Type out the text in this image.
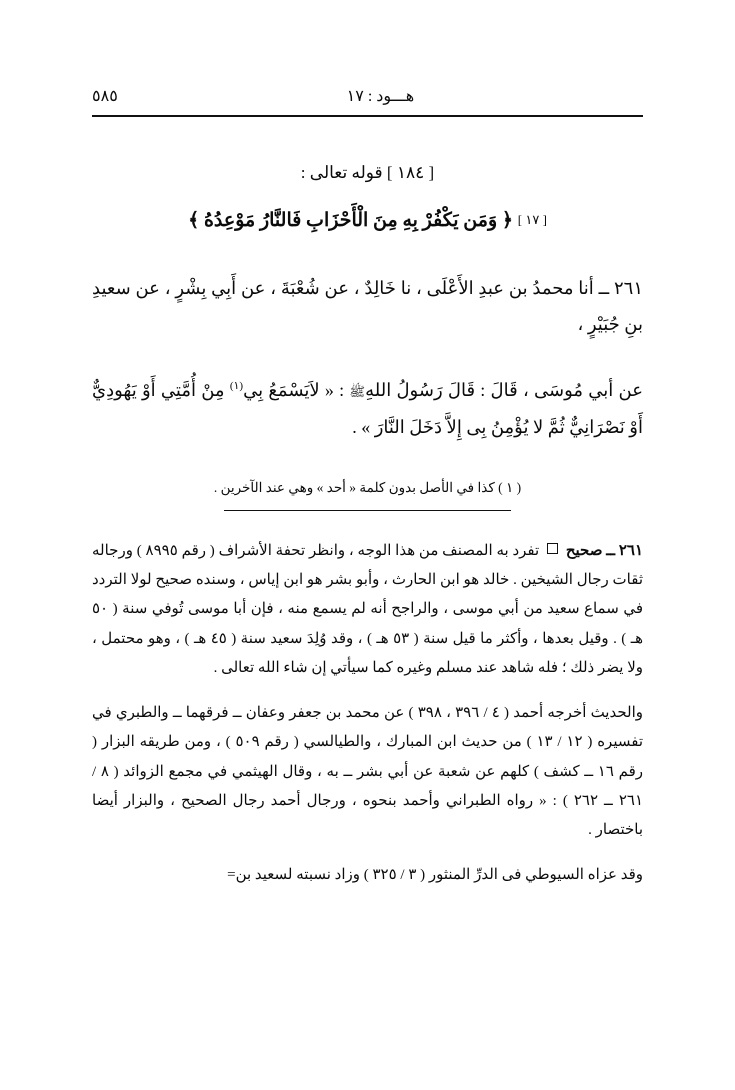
٥٨٥	هـــود : ١٧
[ ١٨٤ ] قوله تعالى :
[ ١٧ ] ﴿ وَمَن يَكْفُرْ بِهِ مِنَ الْأَحْزَابِ فَالنَّارُ مَوْعِدُهُ ﴾
٢٦١ ــ أنا محمدُ بن عبدِ الأَعْلَى ، نا خَالِدٌ ، عن شُعْبَةَ ، عن أَبِي بِشْرٍ ، عن سعيدِ بنِ جُبَيْرٍ ،
عن أبي مُوسَى ، قَالَ : قَالَ رَسُولُ اللهِﷺ : « لاَيَسْمَعُ بِي$^{(١)}$ مِنْ أُمَّتِي أَوْ يَهُودِيٌّ أَوْ نَصْرَانِيٌّ ثُمَّ لا يُؤْمِنُ بِى إِلاَّ دَخَلَ النَّارَ » .
( ١ ) كذا في الأصل بدون كلمة « أحد » وهي عند الآخرين .

٢٦١ ــ صحيح  تفرد به المصنف من هذا الوجه ، وانظر تحفة الأشراف ( رقم ٨٩٩٥ ) ورجاله ثقات رجال الشيخين . خالد هو ابن الحارث ، وأبو بشر هو ابن إياس ، وسنده صحيح لولا التردد في سماع سعيد من أبي موسى ، والراجح أنه لم يسمع منه ، فإن أبا موسى تُوفي سنة ( ٥٠ هـ ) . وقيل بعدها ، وأكثر ما قيل سنة ( ٥٣ هـ ) ، وقد وُلِدَ سعيد سنة ( ٤٥ هـ ) ، وهو محتمل ، ولا يضر ذلك ؛ فله شاهد عند مسلم وغيره كما سيأتي إن شاء الله تعالى .

والحديث أخرجه أحمد ( ٤ / ٣٩٦ ، ٣٩٨ ) عن محمد بن جعفر وعفان ــ فرقهما ــ والطبري في تفسيره ( ١٢ / ١٣ ) من حديث ابن المبارك ، والطيالسي ( رقم ٥٠٩ ) ، ومن طريقه البزار ( رقم ١٦ ــ كشف ) كلهم عن شعبة عن أبي بشر ــ به ، وقال الهيثمي في مجمع الزوائد ( ٨ / ٢٦١ ــ ٢٦٢ ) : « رواه الطبراني وأحمد بنحوه ، ورجال أحمد رجال الصحيح ، والبزار أيضا باختصار .

وقد عزاه السيوطي فى الدرِّ المنثور ( ٣ / ٣٢٥ ) وزاد نسبته لسعيد بن=
